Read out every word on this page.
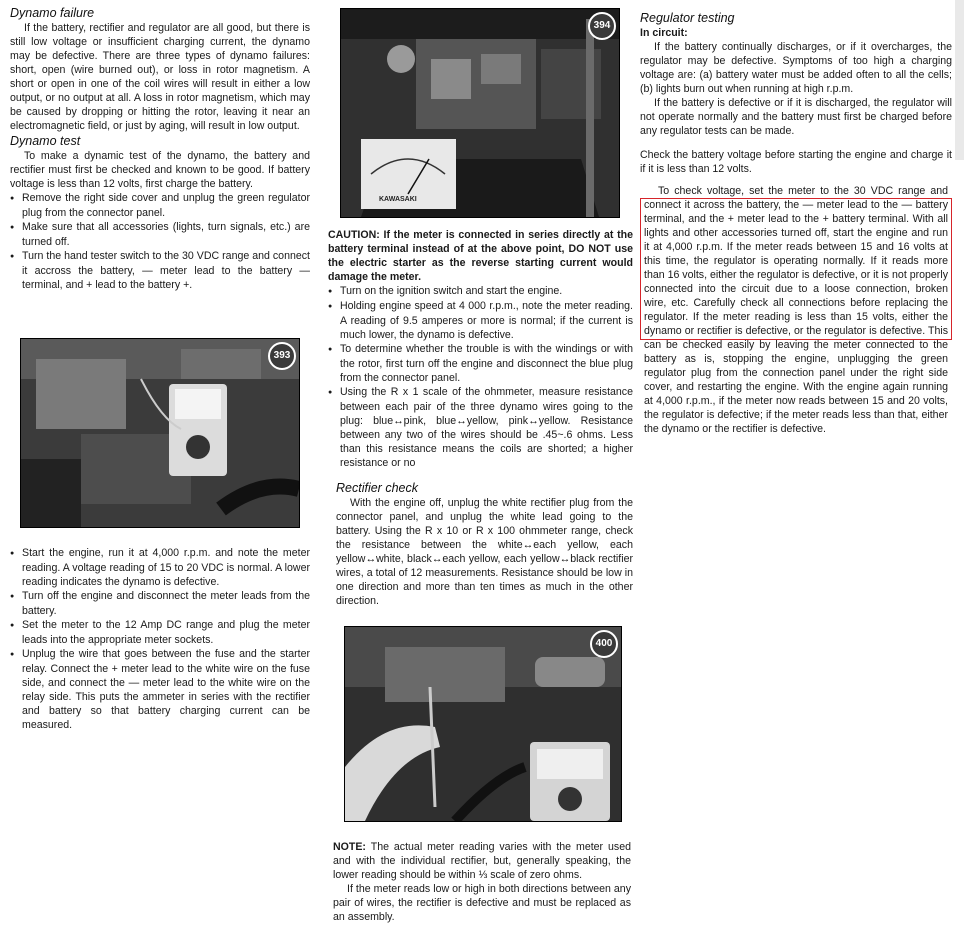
Dynamo failure

If the battery, rectifier and regulator are all good, but there is still low voltage or insufficient charging current, the dynamo may be defective. There are three types of dynamo failures: short, open (wire burned out), or loss in rotor magnetism. A short or open in one of the coil wires will result in either a low output, or no output at all. A loss in rotor magnetism, which may be caused by dropping or hitting the rotor, leaving it near an electromagnetic field, or just by aging, will result in low output.

Dynamo test

To make a dynamic test of the dynamo, the battery and rectifier must first be checked and known to be good. If battery voltage is less than 12 volts, first charge the battery.

● Remove the right side cover and unplug the green regulator plug from the connector panel.

● Make sure that all accessories (lights, turn signals, etc.) are turned off.

● Turn the hand tester switch to the 30 VDC range and connect it accross the battery, — meter lead to the battery — terminal, and + lead to the battery +.

393

● Start the engine, run it at 4,000 r.p.m. and note the meter reading. A voltage reading of 15 to 20 VDC is normal. A lower reading indicates the dynamo is defective.

● Turn off the engine and disconnect the meter leads from the battery.

● Set the meter to the 12 Amp DC range and plug the meter leads into the appropriate meter sockets.

● Unplug the wire that goes between the fuse and the starter relay. Connect the + meter lead to the white wire on the fuse side, and connect the — meter lead to the white wire on the relay side. This puts the ammeter in series with the rectifier and battery so that battery charging current can be measured.

KAWASAKI
394

CAUTION: If the meter is connected in series directly at the battery terminal instead of at the above point, DO NOT use the electric starter as the reverse starting current would damage the meter.

● Turn on the ignition switch and start the engine.

● Holding engine speed at 4 000 r.p.m., note the meter reading. A reading of 9.5 amperes or more is normal; if the current is much lower, the dynamo is defective.

● To determine whether the trouble is with the windings or with the rotor, first turn off the engine and disconnect the blue plug from the connector panel.

● Using the R x 1 scale of the ohmmeter, measure resistance between each pair of the three dynamo wires going to the plug: blue↔pink, blue↔yellow, pink↔yellow. Resistance between any two of the wires should be .45~.6 ohms. Less than this resistance means the coils are shorted; a higher resistance or no

Rectifier check

With the engine off, unplug the white rectifier plug from the connector panel, and unplug the white lead going to the battery. Using the R x 10 or R x 100 ohmmeter range, check the resistance between the white↔each yellow, each yellow↔white, black↔each yellow, each yellow↔black rectifier wires, a total of 12 measurements. Resistance should be low in one direction and more than ten times as much in the other direction.

400

NOTE: The actual meter reading varies with the meter used and with the individual rectifier, but, generally speaking, the lower reading should be within ⅓ scale of zero ohms.

If the meter reads low or high in both directions between any pair of wires, the rectifier is defective and must be replaced as an assembly.

Regulator testing

In circuit:

If the battery continually discharges, or if it overcharges, the regulator may be defective. Symptoms of too high a charging voltage are: (a) battery water must be added often to all the cells; (b) lights burn out when running at high r.p.m.

If the battery is defective or if it is discharged, the regulator will not operate normally and the battery must first be charged before any regulator tests can be made.

Check the battery voltage before starting the engine and charge it if it is less than 12 volts.

To check voltage, set the meter to the 30 VDC range and connect it across the battery, the — meter lead to the — battery terminal, and the + meter lead to the + battery terminal. With all lights and other accessories turned off, start the engine and run it at 4,000 r.p.m. If the meter reads between 15 and 16 volts at this time, the regulator is operating normally. If it reads more than 16 volts, either the regulator is defective, or it is not properly connected into the circuit due to a loose connection, broken wire, etc. Carefully check all connections before replacing the regulator. If the meter reading is less than 15 volts, either the dynamo or rectifier is defective, or the regulator is defective. This can be checked easily by leaving the meter connected to the battery as is, stopping the engine, unplugging the green regulator plug from the connection panel under the right side cover, and restarting the engine. With the engine again running at 4,000 r.p.m., if the meter now reads between 15 and 20 volts, the regulator is defective; if the meter reads less than that, either the dynamo or the rectifier is defective.
